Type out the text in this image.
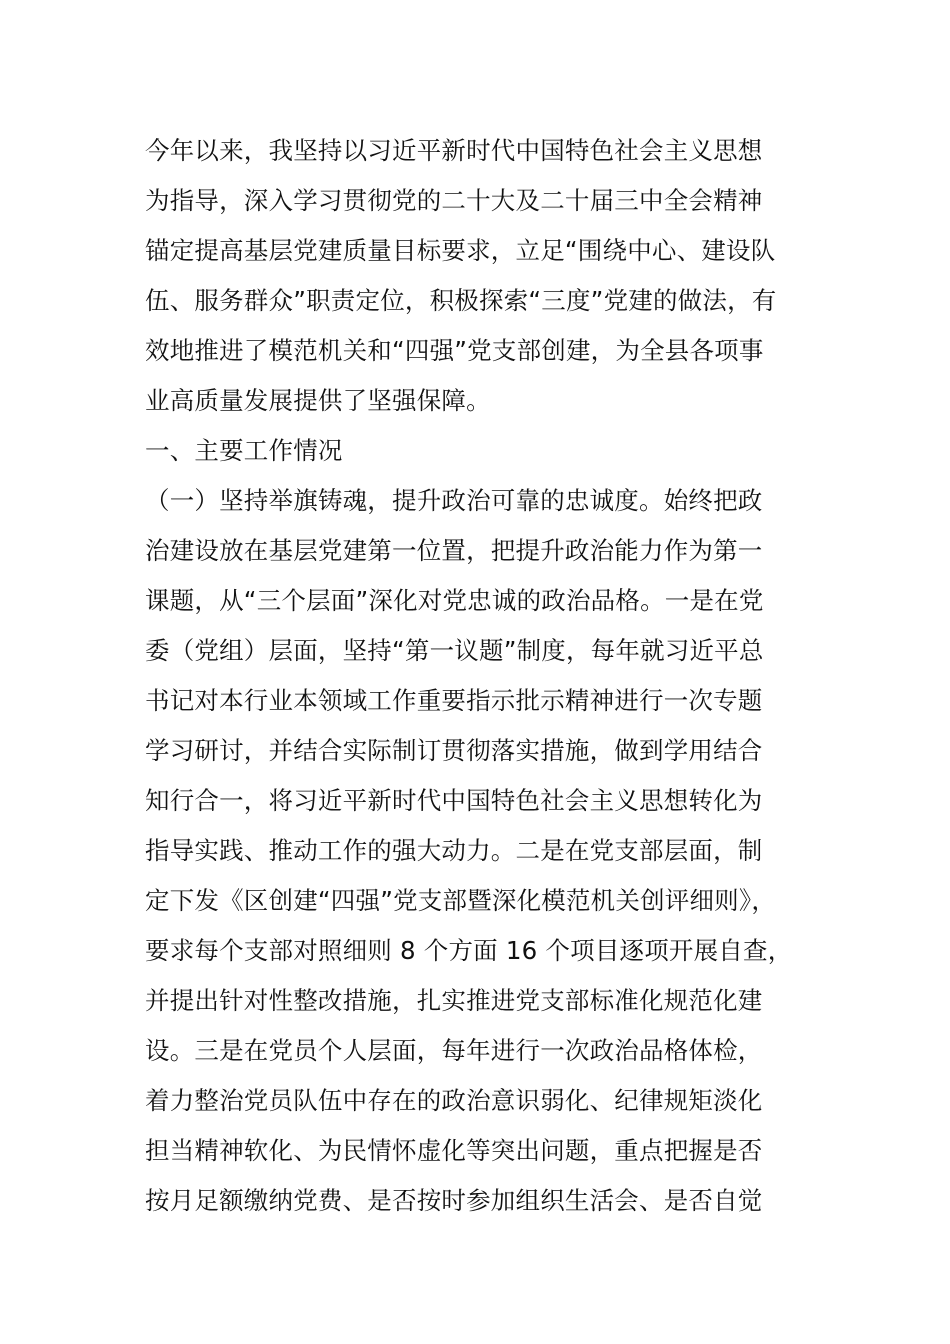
今年以来，我坚持以习近平新时代中国特色社会主义思想
为指导，深入学习贯彻党的二十大及二十届三中全会精神
锚定提高基层党建质量目标要求，立足“围绕中心、建设队
伍、服务群众”职责定位，积极探索“三度”党建的做法，有
效地推进了模范机关和“四强”党支部创建，为全县各项事
业高质量发展提供了坚强保障。
一、主要工作情况
（一）坚持举旗铸魂，提升政治可靠的忠诚度。始终把政
治建设放在基层党建第一位置，把提升政治能力作为第一
课题，从“三个层面”深化对党忠诚的政治品格。一是在党
委（党组）层面，坚持“第一议题”制度，每年就习近平总
书记对本行业本领域工作重要指示批示精神进行一次专题
学习研讨，并结合实际制订贯彻落实措施，做到学用结合
知行合一，将习近平新时代中国特色社会主义思想转化为
指导实践、推动工作的强大动力。二是在党支部层面，制
定下发《区创建“四强”党支部暨深化模范机关创评细则》，
要求每个支部对照细则 8 个方面 16 个项目逐项开展自查，
并提出针对性整改措施，扎实推进党支部标准化规范化建
设。三是在党员个人层面，每年进行一次政治品格体检，
着力整治党员队伍中存在的政治意识弱化、纪律规矩淡化
担当精神软化、为民情怀虚化等突出问题，重点把握是否
按月足额缴纳党费、是否按时参加组织生活会、是否自觉
